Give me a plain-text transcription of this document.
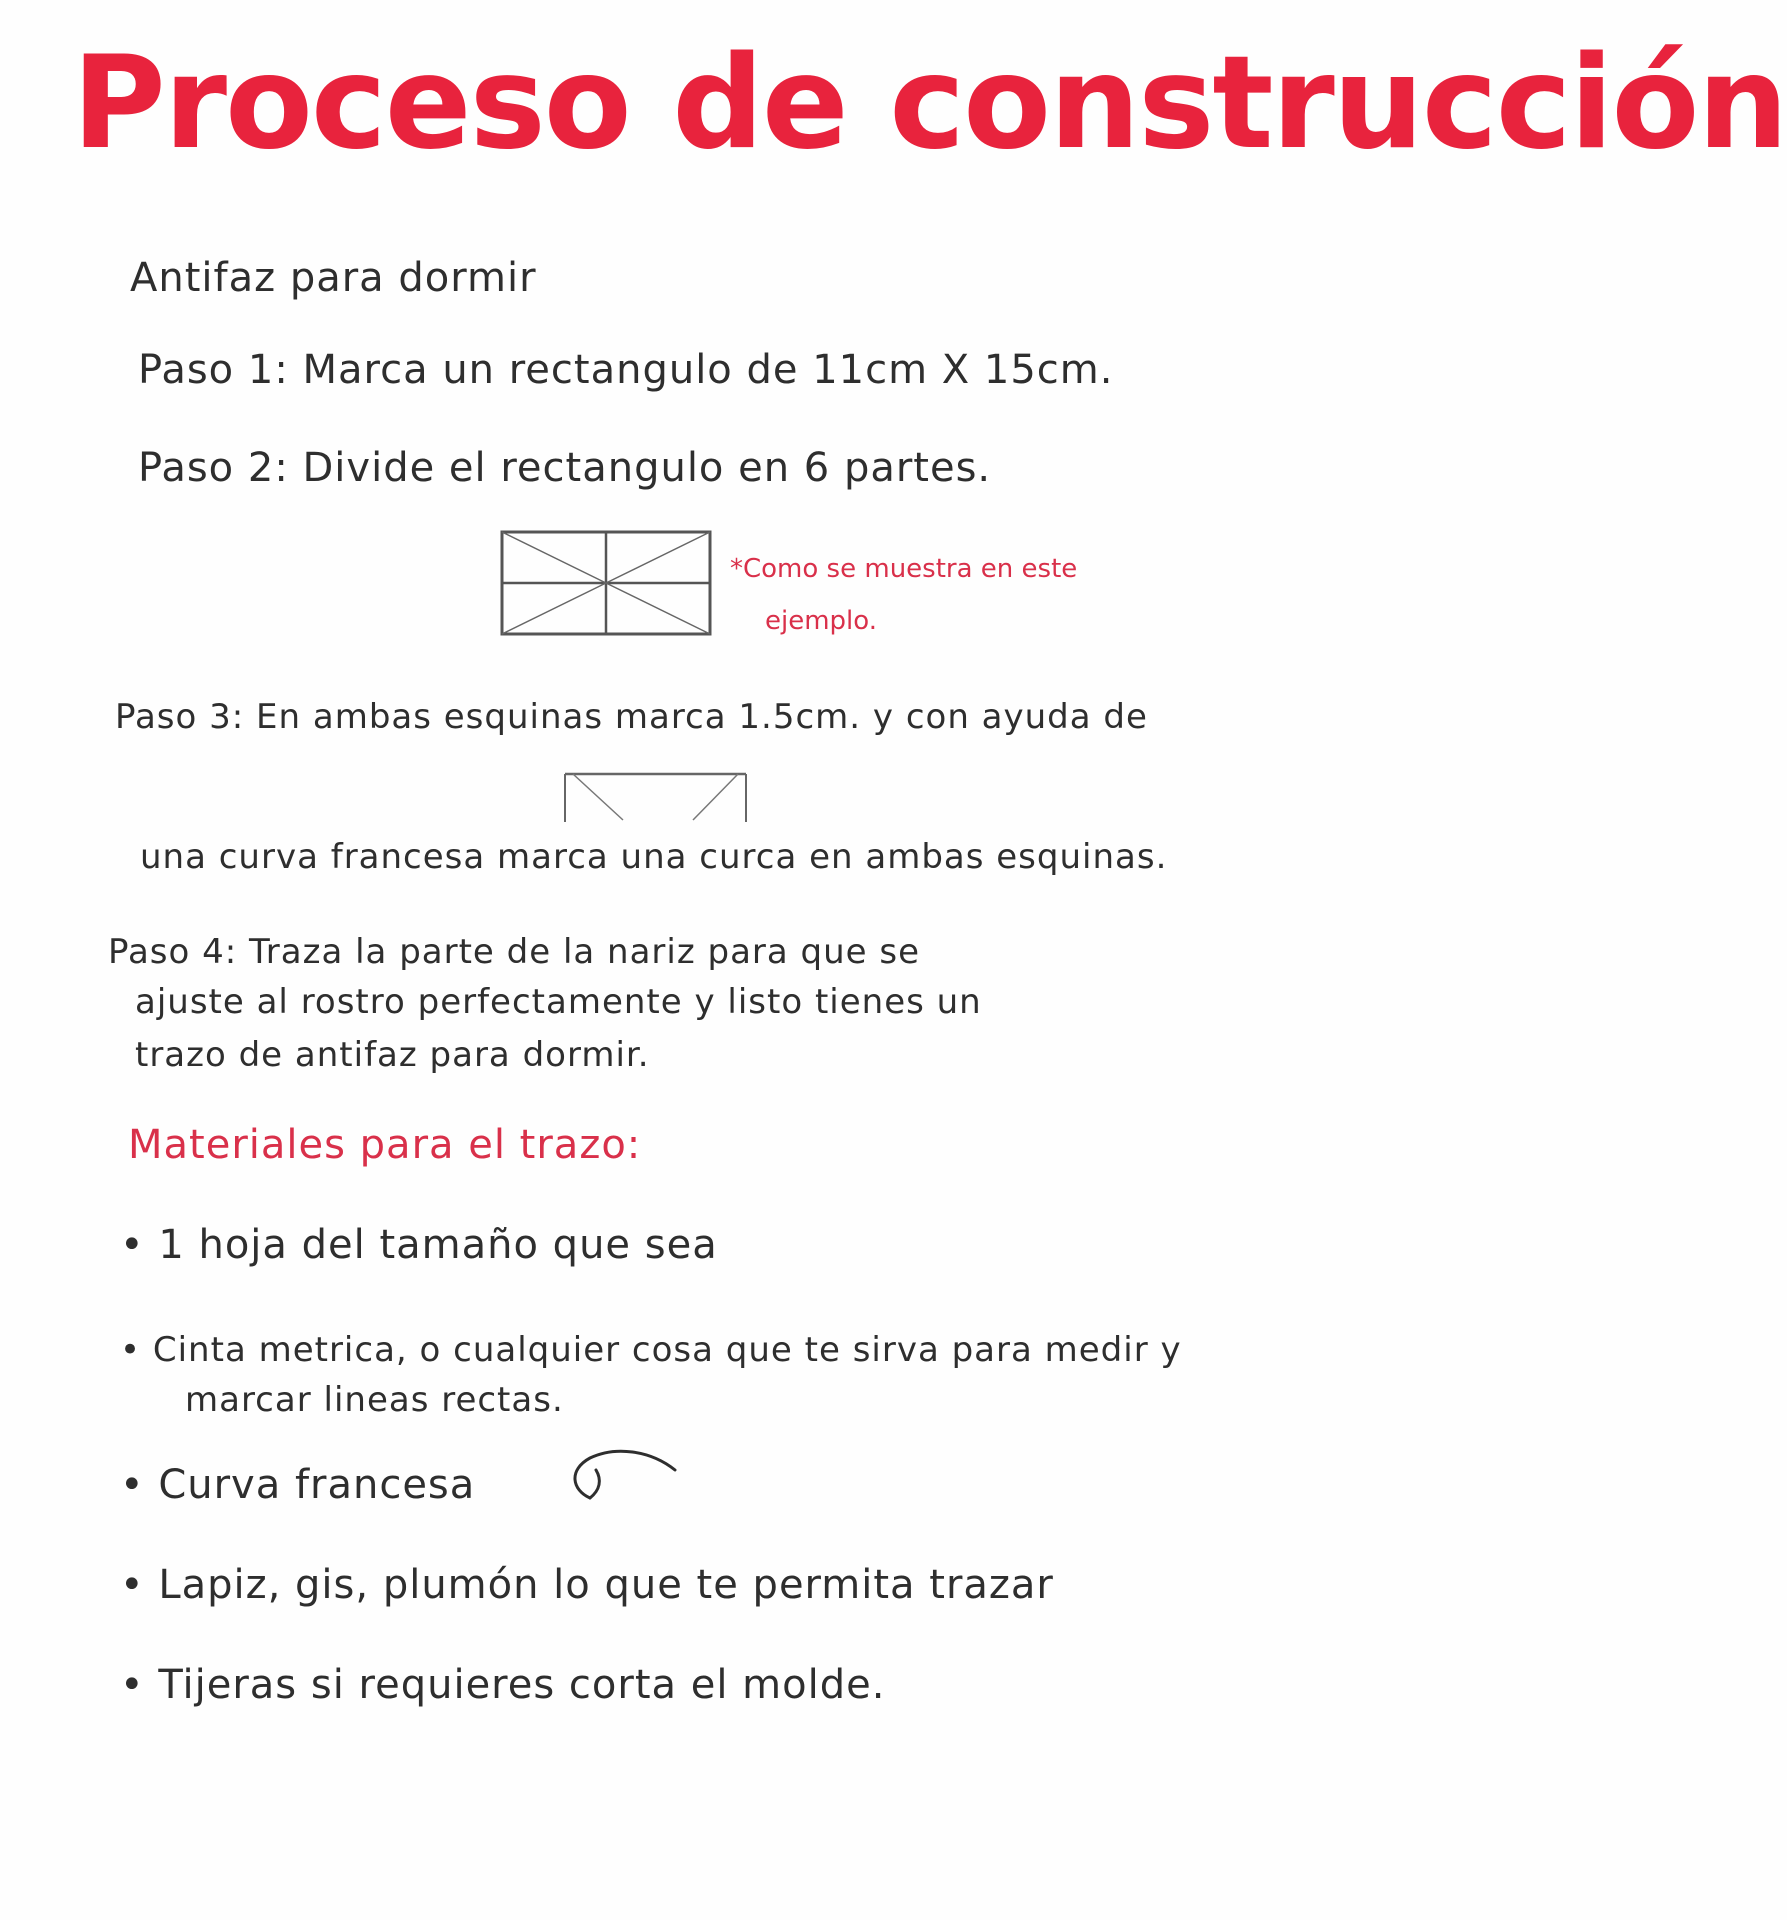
Proceso de construcción
Antifaz para dormir
Paso 1: Marca un rectangulo de 11cm X 15cm.
Paso 2: Divide el rectangulo en 6 partes.
*Como se muestra en este
ejemplo.
Paso 3: En ambas esquinas marca 1.5cm. y con ayuda de
una curva francesa marca una curca en ambas esquinas.
Paso 4: Traza la parte de la nariz para que se
ajuste al rostro perfectamente y listo tienes un
trazo de antifaz para dormir.
Materiales para el trazo:
• 1 hoja del tamaño que sea
• Cinta metrica, o cualquier cosa que te sirva para medir y
marcar lineas rectas.
• Curva francesa
• Lapiz, gis, plumón lo que te permita trazar
• Tijeras si requieres corta el molde.
